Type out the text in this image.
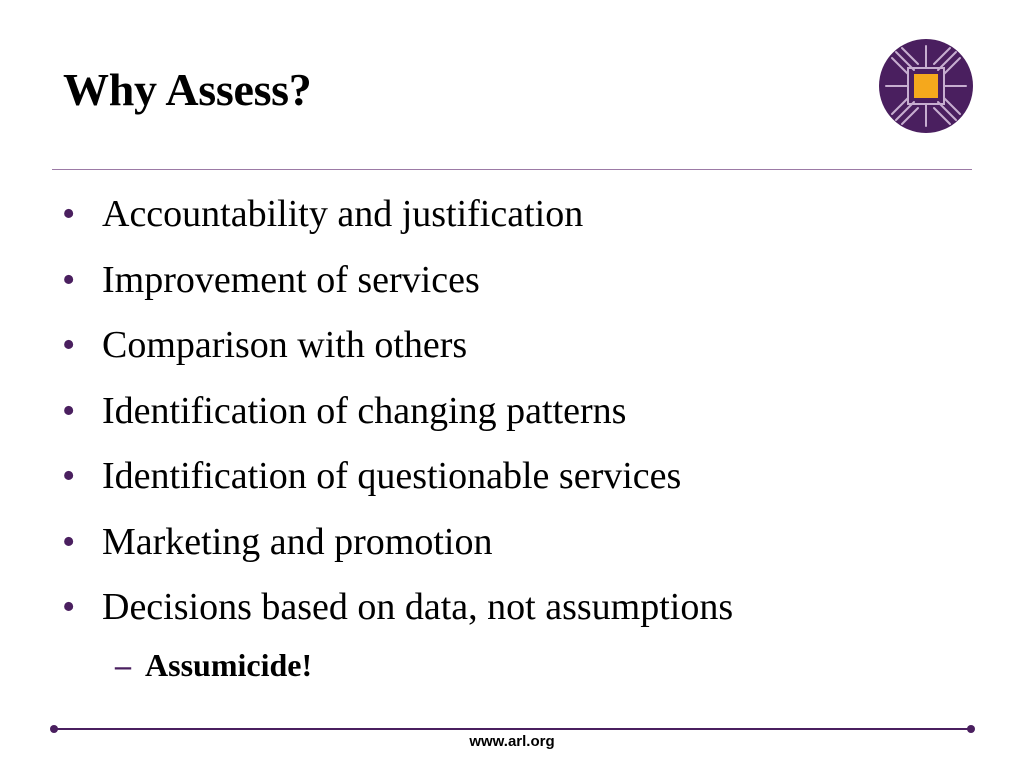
Why Assess?
• Accountability and justification
• Improvement of services
• Comparison with others
• Identification of changing patterns
• Identification of questionable services
• Marketing and promotion
• Decisions based on data, not assumptions
– Assumicide!
www.arl.org
